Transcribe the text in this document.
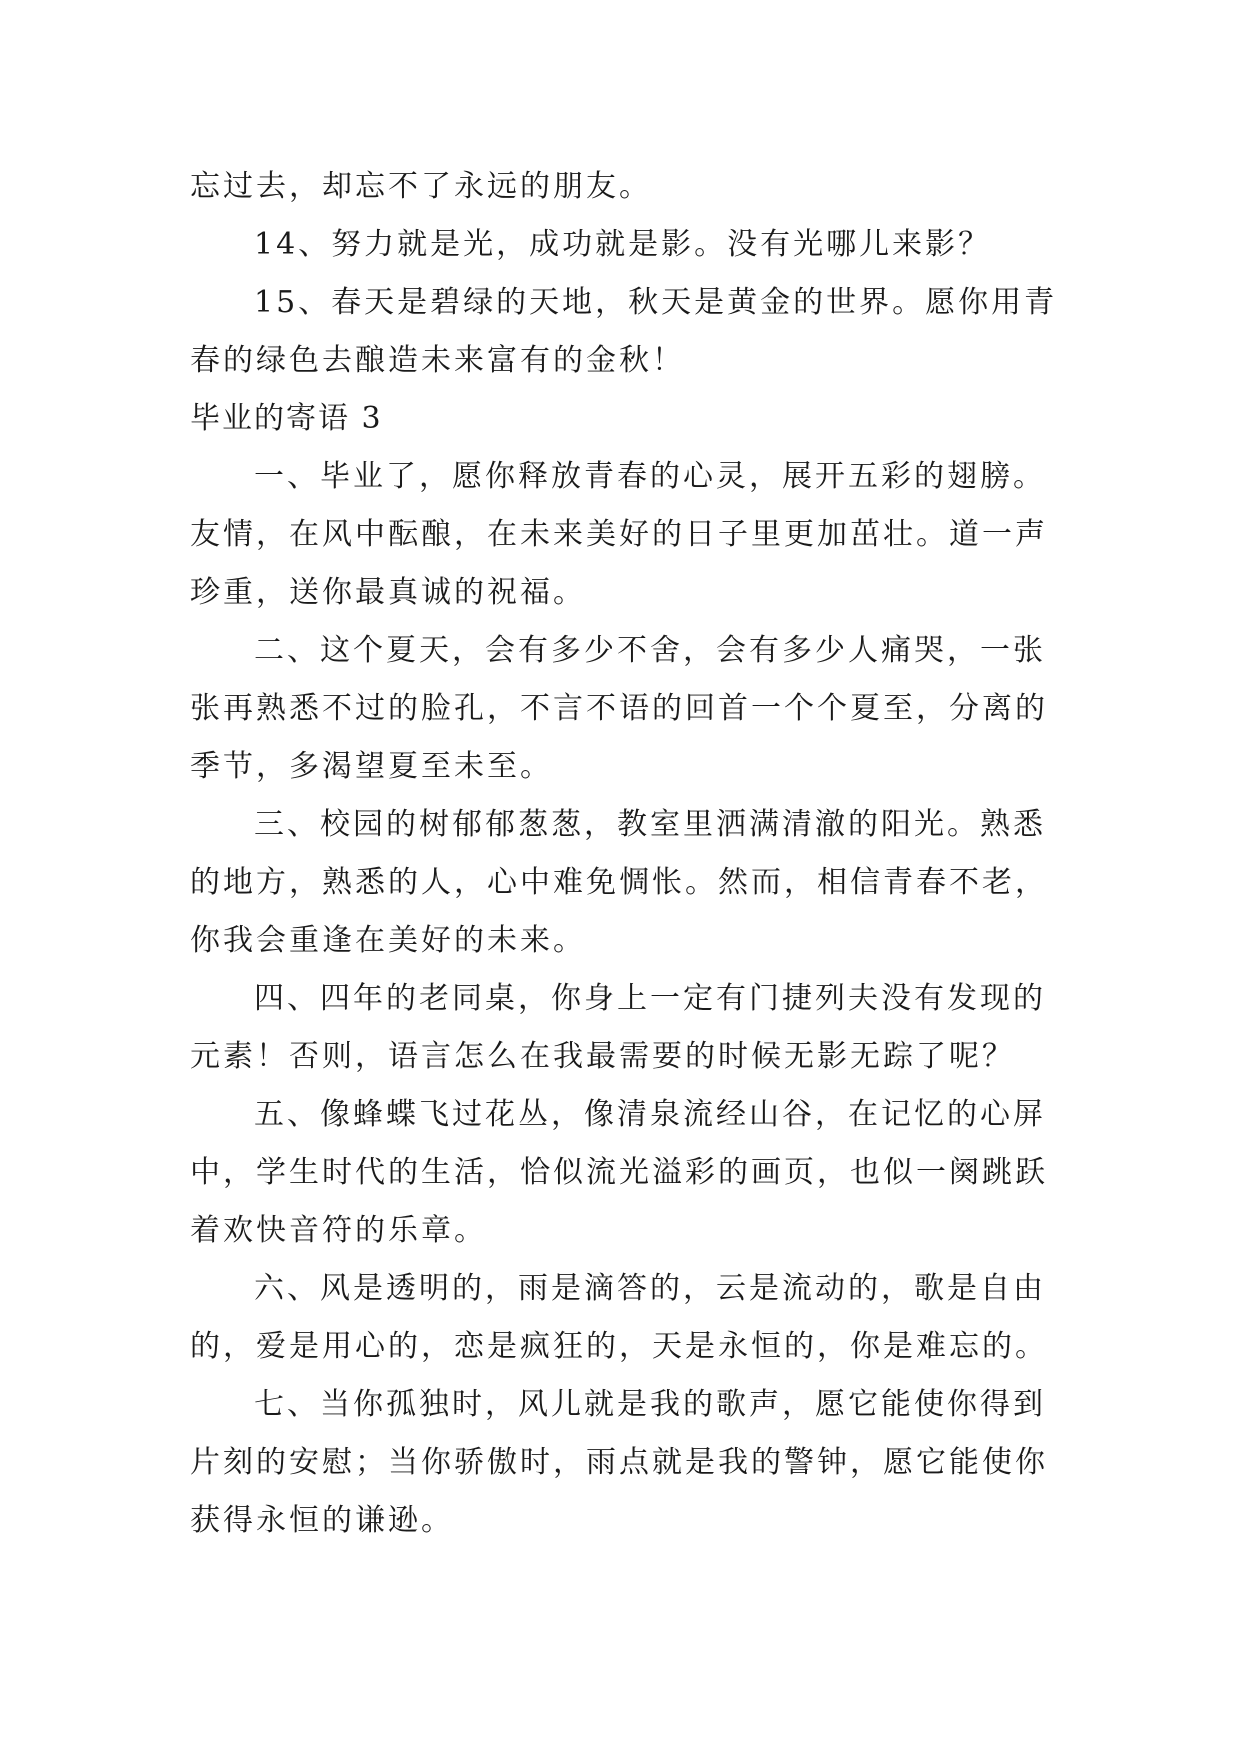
忘过去，却忘不了永远的朋友。
14、努力就是光，成功就是影。没有光哪儿来影？
15、春天是碧绿的天地，秋天是黄金的世界。愿你用青
春的绿色去酿造未来富有的金秋！
毕业的寄语 3
一、毕业了，愿你释放青春的心灵，展开五彩的翅膀。
友情，在风中酝酿，在未来美好的日子里更加茁壮。道一声
珍重，送你最真诚的祝福。
二、这个夏天，会有多少不舍，会有多少人痛哭，一张
张再熟悉不过的脸孔，不言不语的回首一个个夏至，分离的
季节，多渴望夏至未至。
三、校园的树郁郁葱葱，教室里洒满清澈的阳光。熟悉
的地方，熟悉的人，心中难免惆怅。然而，相信青春不老，
你我会重逢在美好的未来。
四、四年的老同桌，你身上一定有门捷列夫没有发现的
元素！否则，语言怎么在我最需要的时候无影无踪了呢？
五、像蜂蝶飞过花丛，像清泉流经山谷，在记忆的心屏
中，学生时代的生活，恰似流光溢彩的画页，也似一阕跳跃
着欢快音符的乐章。
六、风是透明的，雨是滴答的，云是流动的，歌是自由
的，爱是用心的，恋是疯狂的，天是永恒的，你是难忘的。
七、当你孤独时，风儿就是我的歌声，愿它能使你得到
片刻的安慰；当你骄傲时，雨点就是我的警钟，愿它能使你
获得永恒的谦逊。
